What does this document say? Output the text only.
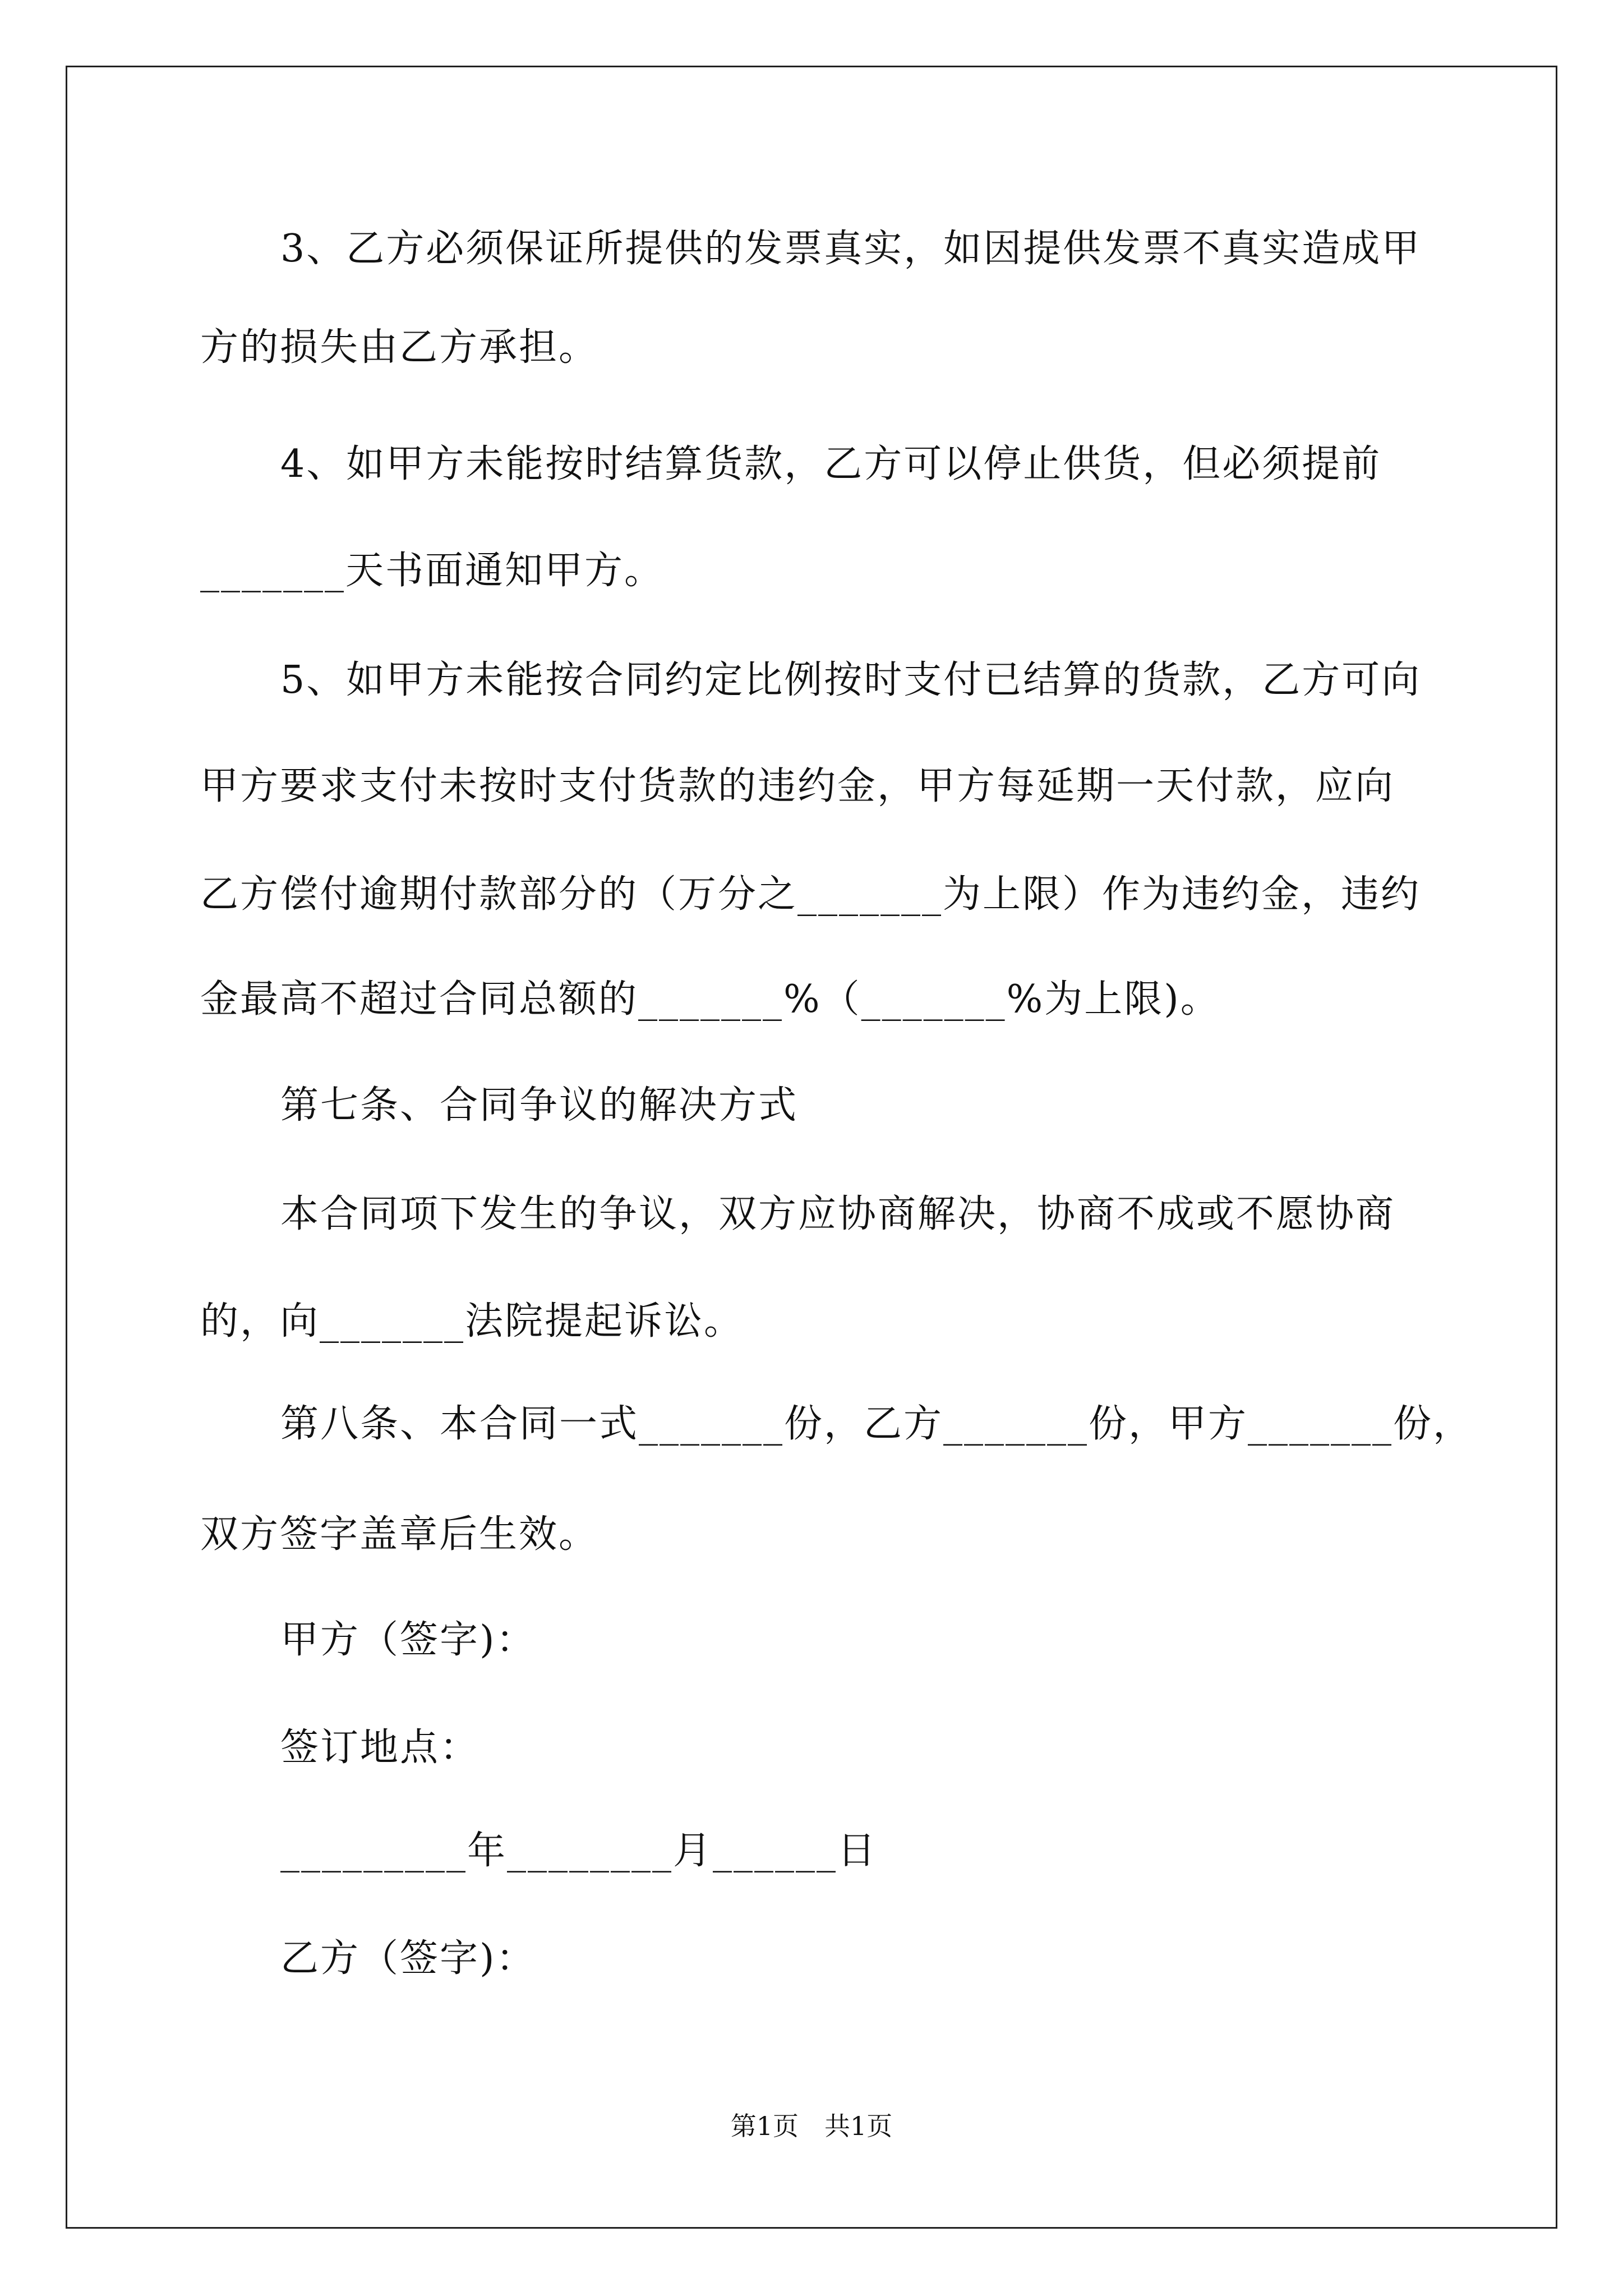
3、乙方必须保证所提供的发票真实，如因提供发票不真实造成甲
方的损失由乙方承担。
4、如甲方未能按时结算货款，乙方可以停止供货，但必须提前
_______天书面通知甲方。
5、如甲方未能按合同约定比例按时支付已结算的货款，乙方可向
甲方要求支付未按时支付货款的违约金，甲方每延期一天付款，应向
乙方偿付逾期付款部分的（万分之_______为上限）作为违约金，违约
金最高不超过合同总额的_______%（_______%为上限)。
第七条、合同争议的解决方式
本合同项下发生的争议，双方应协商解决，协商不成或不愿协商
的，向_______法院提起诉讼。
第八条、本合同一式_______份，乙方_______份，甲方_______份，
双方签字盖章后生效。
甲方（签字)：
签订地点：
_________年________月______日
乙方（签字)：
第1页　共1页
